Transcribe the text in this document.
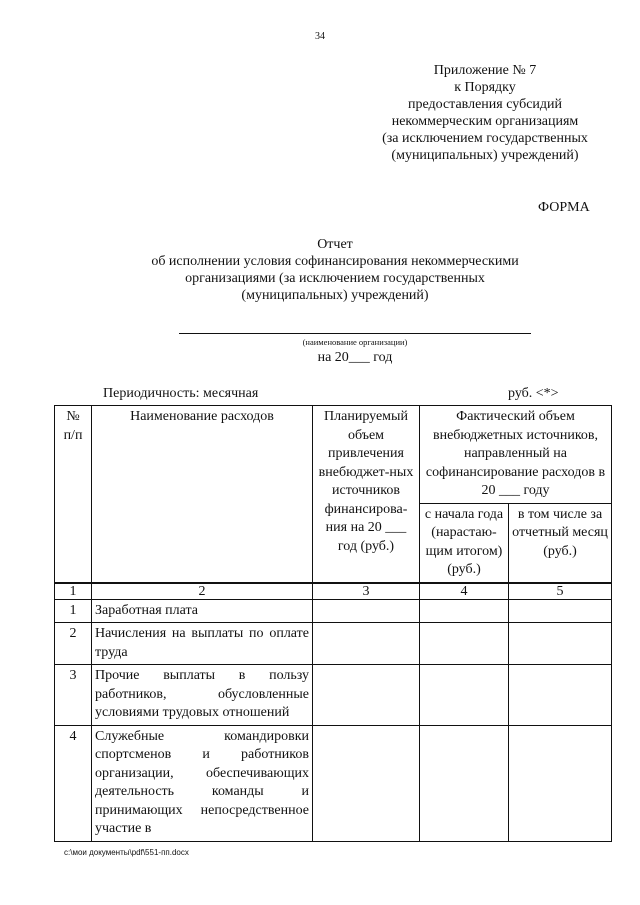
34
Приложение № 7
к Порядку
предоставления субсидий
некоммерческим организациям
(за исключением государственных
(муниципальных) учреждений)
ФОРМА
Отчет
об исполнении условия софинансирования некоммерческими
организациями (за исключением государственных
(муниципальных) учреждений)
(наименование организации)
на 20___ год
Периодичность: месячная	руб. <*>
№ п/п	Наименование расходов	Планируемый объем привлечения внебюджет-ных источников финансирова-ния на 20 ___ год (руб.)	Фактический объем внебюджетных источников, направленный на софинансирование расходов в 20 ___ году	
			с начала года (нарастаю-щим итогом) (руб.)	в том числе за отчетный месяц (руб.)
1	2	3	4	5
1	Заработная плата			
2	Начисления на выплаты по оплате труда			
3	Прочие выплаты в пользу работников, обусловленные условиями трудовых отношений			
4	Служебные командировки спортсменов и работников организации, обеспечивающих деятельность команды и принимающих непосредственное участие в			
c:\мои документы\pdf\551-пп.docx
